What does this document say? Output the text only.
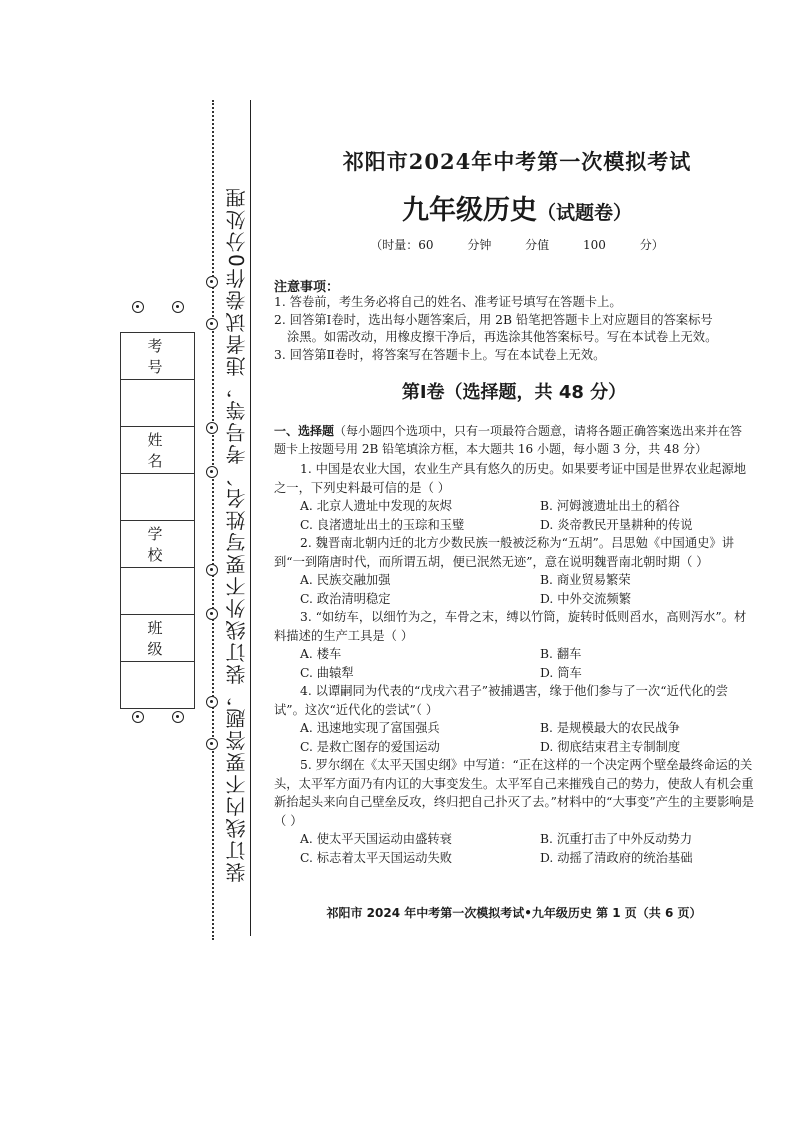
装订线内不要答题，装订线外不要写姓名、考号等，违者试卷作0分处理
考 号

姓 名

学 校

班 级

祁阳市2024年中考第一次模拟考试
九年级历史（试题卷）
（时量：60 分钟 分值 100 分）
注意事项：

1. 答卷前，考生务必将自己的姓名、准考证号填写在答题卡上。

2. 回答第Ⅰ卷时，选出每小题答案后，用 2B 铅笔把答题卡上对应题目的答案标号

涂黑。如需改动，用橡皮擦干净后，再选涂其他答案标号。写在本试卷上无效。

3. 回答第Ⅱ卷时，将答案写在答题卡上。写在本试卷上无效。

第Ⅰ卷（选择题，共 48 分）
一、选择题（每小题四个选项中，只有一项最符合题意，请将各题正确答案选出来并在答题卡上按题号用 2B 铅笔填涂方框，本大题共 16 小题，每小题 3 分，共 48 分）

1. 中国是农业大国，农业生产具有悠久的历史。如果要考证中国是世界农业起源地之一，下列史料最可信的是（ ）

A. 北京人遗址中发现的灰烬	B. 河姆渡遗址出土的稻谷
C. 良渚遗址出土的玉琮和玉璧	D. 炎帝教民开垦耕种的传说

2. 魏晋南北朝内迁的北方少数民族一般被泛称为“五胡”。吕思勉《中国通史》讲到“一到隋唐时代，而所谓五胡，便已泯然无迹”，意在说明魏晋南北朝时期（ ）

A. 民族交融加强	B. 商业贸易繁荣
C. 政治清明稳定	D. 中外交流频繁

3. “如纺车，以细竹为之，车骨之末，缚以竹筒，旋转时低则舀水，高则泻水”。材料描述的生产工具是（ ）

A. 楼车	B. 翻车
C. 曲辕犁	D. 筒车

4. 以谭嗣同为代表的“戊戌六君子”被捕遇害，缘于他们参与了一次“近代化的尝试”。这次“近代化的尝试”（ ）

A. 迅速地实现了富国强兵	B. 是规模最大的农民战争
C. 是救亡图存的爱国运动	D. 彻底结束君主专制制度

5. 罗尔纲在《太平天国史纲》中写道：“正在这样的一个决定两个壁垒最终命运的关头，太平军方面乃有内讧的大事变发生。太平军自己来摧残自己的势力，使敌人有机会重新抬起头来向自己壁垒反攻，终归把自己扑灭了去。”材料中的“大事变”产生的主要影响是（ ）

A. 使太平天国运动由盛转衰	B. 沉重打击了中外反动势力
C. 标志着太平天国运动失败	D. 动摇了清政府的统治基础
祁阳市 2024 年中考第一次模拟考试•九年级历史 第 1 页（共 6 页）
